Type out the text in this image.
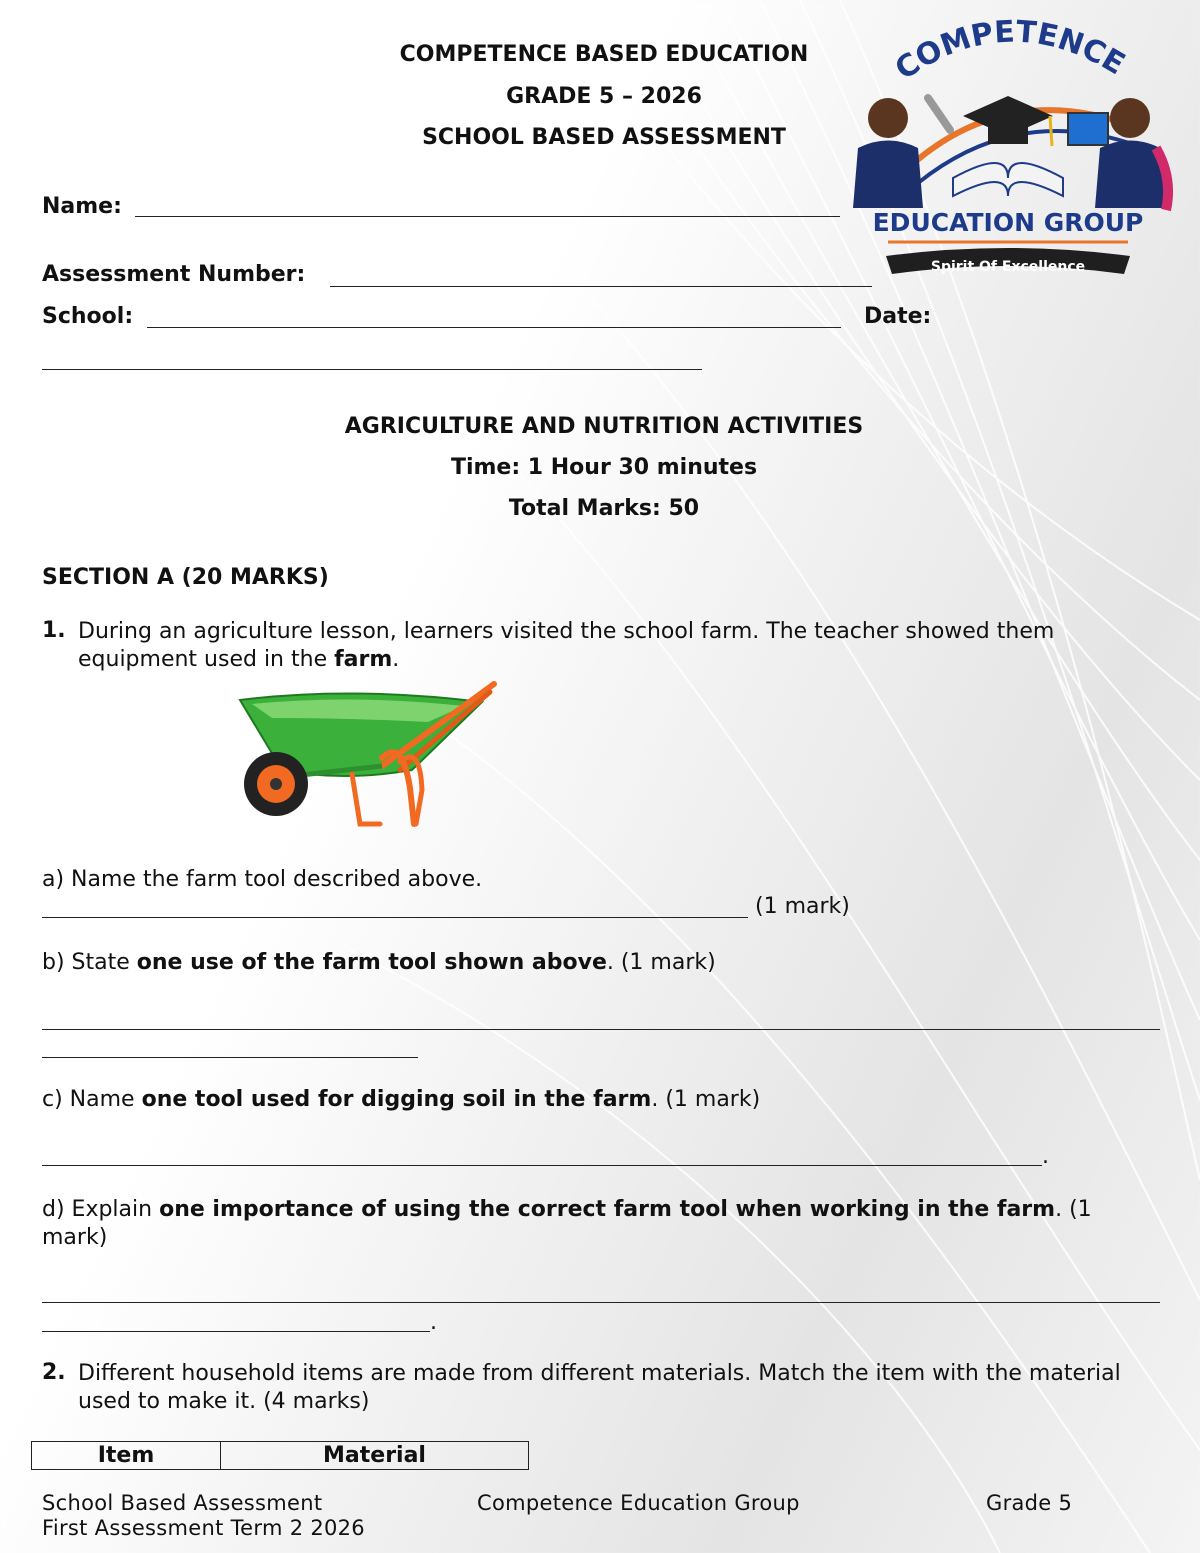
COMPETENCE BASED EDUCATION
GRADE 5 – 2026
SCHOOL BASED ASSESSMENT
COMPETENCE
EDUCATION GROUP
Spirit Of Excellence
Name:
Assessment Number:
School:	Date:
AGRICULTURE AND NUTRITION ACTIVITIES
Time: 1 Hour 30 minutes
Total Marks: 50
SECTION A (20 MARKS)
1. During an agriculture lesson, learners visited the school farm. The teacher showed them equipment used in the farm.
a) Name the farm tool described above.
(1 mark)
b) State one use of the farm tool shown above. (1 mark)
c) Name one tool used for digging soil in the farm. (1 mark)
.
d) Explain one importance of using the correct farm tool when working in the farm. (1 mark)
.
2. Different household items are made from different materials. Match the item with the material used to make it. (4 marks)
Item	Material
School Based Assessment
First Assessment Term 2 2026
Competence Education Group	Grade 5
